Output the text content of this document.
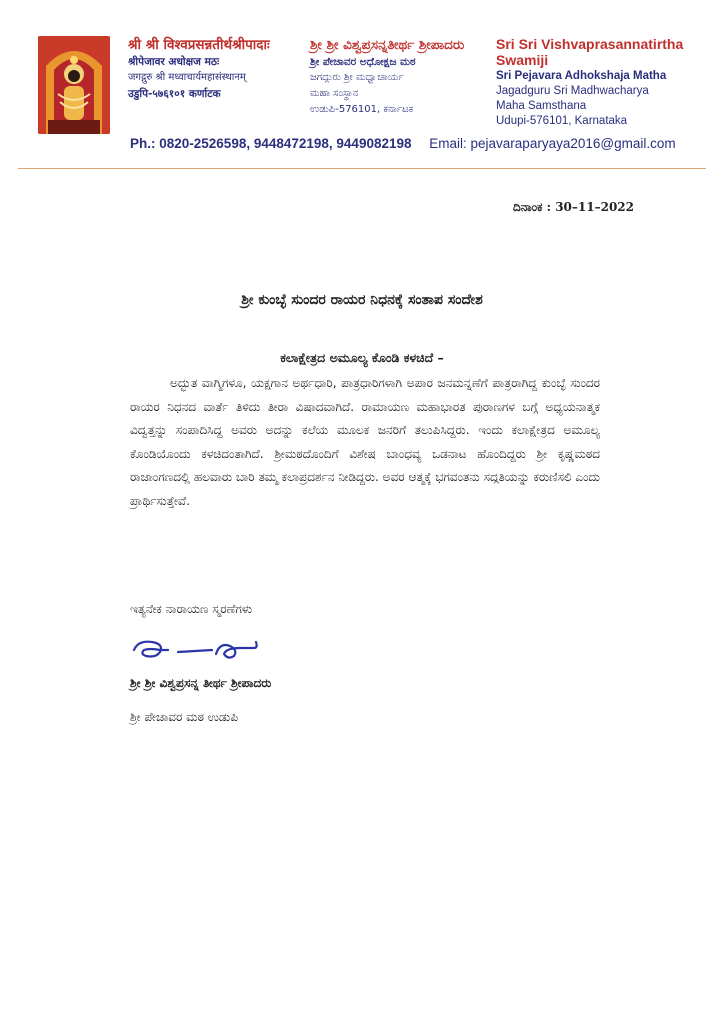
श्री श्री विश्वप्रसन्नतीर्थश्रीपादाः
श्रीपेजावर अधोक्षज मठः
जगद्गुरु श्री मध्वाचार्यमहासंस्थानम्
उडुपि-५७६१०१ कर्णाटक
ಶ್ರೀ ಶ್ರೀ ವಿಶ್ವಪ್ರಸನ್ನತೀರ್ಥ ಶ್ರೀಪಾದರು
ಶ್ರೀ ಪೇಜಾವರ ಅಧೋಕ್ಷಜ ಮಠ
ಜಗದ್ಗುರು ಶ್ರೀ ಮಧ್ವಾಚಾರ್ಯ
ಮಹಾ ಸಂಸ್ಥಾನ
ಉಡುಪಿ-576101, ಕರ್ನಾಟಕ
Sri Sri Vishvaprasannatirtha Swamiji
Sri Pejavara Adhokshaja Matha
Jagadguru Sri Madhwacharya
Maha Samsthana
Udupi-576101, Karnataka
Ph.: 0820-2526598, 9448472198, 9449082198 Email: pejavaraparyaya2016@gmail.com
ದಿನಾಂಕ : 30–11–2022
ಶ್ರೀ ಕುಂಬ್ಳೆ ಸುಂದರ ರಾಯರ ನಿಧನಕ್ಕೆ ಸಂತಾಪ ಸಂದೇಶ
ಕಲಾಕ್ಷೇತ್ರದ ಅಮೂಲ್ಯ ಕೊಂಡಿ ಕಳಚಿದೆ –
ಅದ್ಭುತ ವಾಗ್ಮಿಗಳೂ, ಯಕ್ಷಗಾನ ಅರ್ಥಧಾರಿ, ಪಾತ್ರಧಾರಿಗಳಾಗಿ ಅಪಾರ ಜನಮನ್ನಣೆಗೆ ಪಾತ್ರರಾಗಿದ್ದ ಕುಂಬ್ಳೆ ಸುಂದರ ರಾಯರ ನಿಧನದ ವಾರ್ತೆ ತಿಳಿದು ತೀರಾ ವಿಷಾದವಾಗಿದೆ. ರಾಮಾಯಣ ಮಹಾಭಾರತ ಪುರಾಣಗಳ ಬಗ್ಗೆ ಅಧ್ಯಯನಾತ್ಮಕ ವಿದ್ವತ್ತನ್ನು ಸಂಪಾದಿಸಿದ್ದ ಅವರು ಅದನ್ನು ಕಲೆಯ ಮೂಲಕ ಜನರಿಗೆ ತಲುಪಿಸಿದ್ದರು. ಇಂದು ಕಲಾಕ್ಷೇತ್ರದ ಅಮೂಲ್ಯ ಕೊಂಡಿಯೊಂದು ಕಳಚಿದಂತಾಗಿದೆ. ಶ್ರೀಮಠದೊಂದಿಗೆ ವಿಶೇಷ ಬಾಂಧವ್ಯ ಒಡನಾಟ ಹೊಂದಿದ್ದರು ಶ್ರೀ ಕೃಷ್ಣಮಠದ ರಾಜಾಂಗಣದಲ್ಲಿ ಹಲವಾರು ಬಾರಿ ತಮ್ಮ ಕಲಾಪ್ರದರ್ಶನ ನೀಡಿದ್ದರು. ಅವರ ಆತ್ಮಕ್ಕೆ ಭಗವಂತನು ಸದ್ಗತಿಯನ್ನು ಕರುಣಿಸಲಿ ಎಂದು ಪ್ರಾರ್ಥಿಸುತ್ತೇವೆ.
ಇತ್ಯನೇಕ ನಾರಾಯಣ ಸ್ಮರಣೆಗಳು
ಶ್ರೀ ಶ್ರೀ ವಿಶ್ವಪ್ರಸನ್ನ ತೀರ್ಥ ಶ್ರೀಪಾದರು
ಶ್ರೀ ಪೇಜಾವರ ಮಠ ಉಡುಪಿ
